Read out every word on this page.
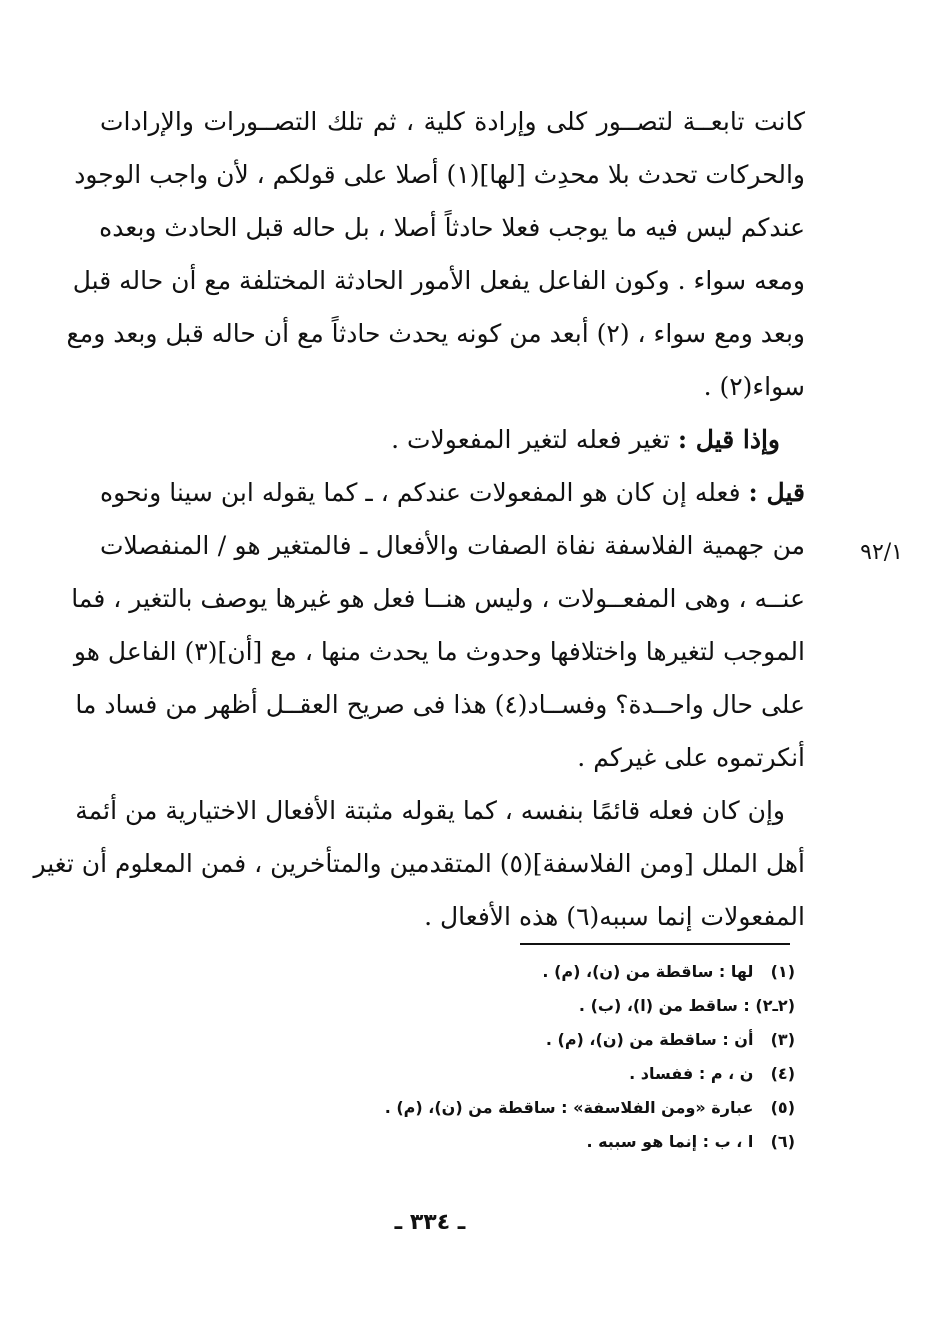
كانت تابعــة لتصــور كلى وإرادة كلية ، ثم تلك التصــورات والإرادات
والحركات تحدث بلا محدِث [لها](١) أصلا على قولكم ، لأن واجب الوجود
عندكم ليس فيه ما يوجب فعلا حادثاً أصلا ، بل حاله قبل الحادث وبعده
ومعه سواء . وكون الفاعل يفعل الأمور الحادثة المختلفة مع أن حاله قبل
وبعد ومع سواء ، (٢) أبعد من كونه يحدث حادثاً مع أن حاله قبل وبعد ومع
سواء(٢) .
 وإذا قيل : تغير فعله لتغير المفعولات .
قيل : فعله إن كان هو المفعولات عندكم ، ـ كما يقوله ابن سينا ونحوه
من جهمية الفلاسفة نفاة الصفات والأفعال ـ فالمتغير هو / المنفصلات
عنــه ، وهى المفعــولات ، وليس هنــا فعل هو غيرها يوصف بالتغير ، فما
الموجب لتغيرها واختلافها وحدوث ما يحدث منها ، مع [أن](٣) الفاعل هو
على حال واحــدة؟ وفســاد(٤) هذا فى صريح العقــل أظهر من فساد ما
أنكرتموه على غيركم .
وإن كان فعله قائمًا بنفسه ، كما يقوله مثبتة الأفعال الاختيارية من أئمة
أهل الملل [ومن الفلاسفة](٥) المتقدمين والمتأخرين ، فمن المعلوم أن تغير
المفعولات إنما سببه(٦) هذه الأفعال .
٩٢/١
(١) لها : ساقطة من (ن)، (م) .
(٢ـ٢) : ساقط من (ا)، (ب) .
(٣) أن : ساقطة من (ن)، (م) .
(٤) ن ، م : ففساد .
(٥) عبارة «ومن الفلاسفة» : ساقطة من (ن)، (م) .
(٦) ا ، ب : إنما هو سببه .
ـ ٣٣٤ ـ
